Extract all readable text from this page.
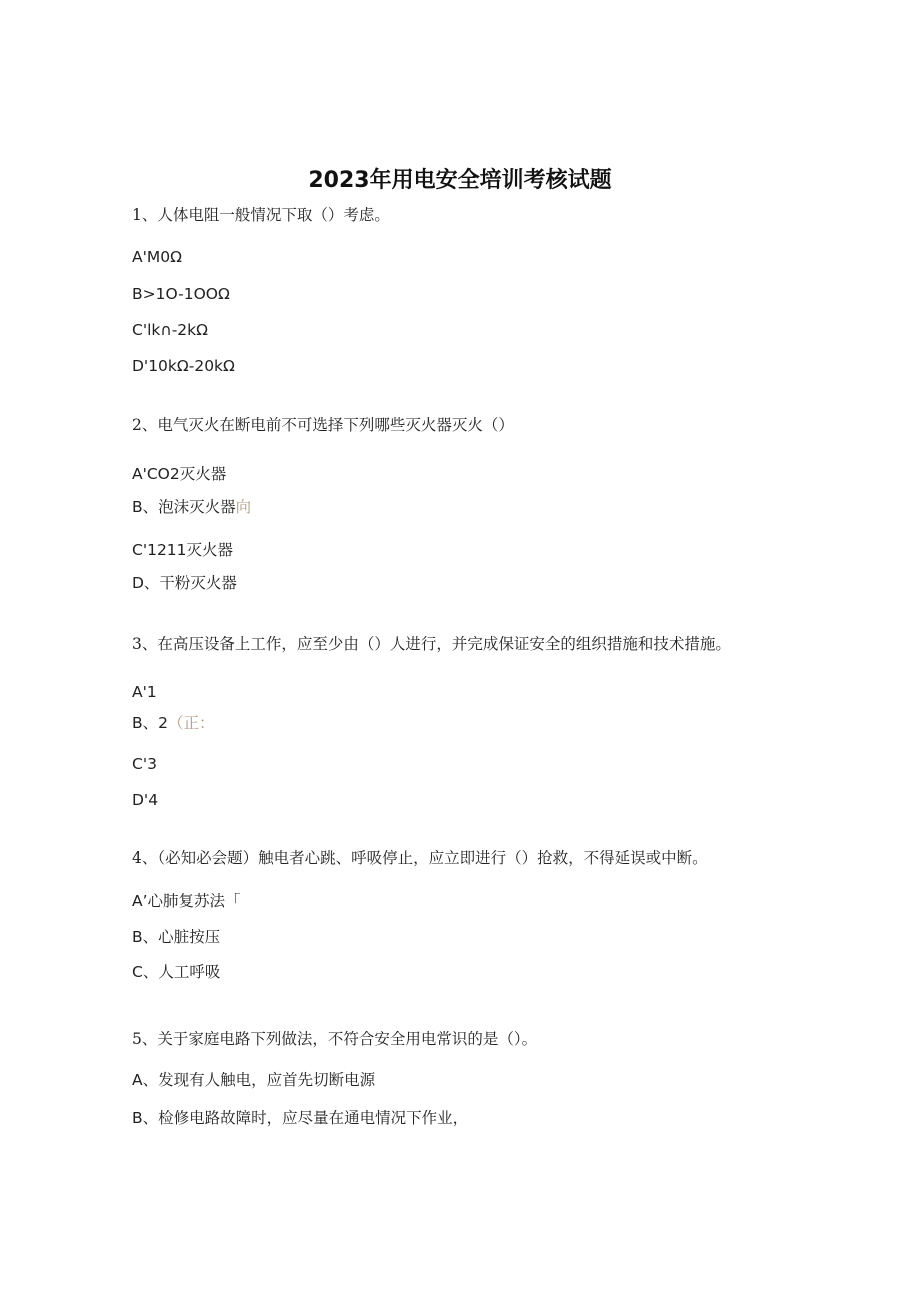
2023年用电安全培训考核试题
1、人体电阻一般情况下取（）考虑。
A'M0Ω
B>1O-1OOΩ
C'lk∩-2kΩ
D'10kΩ-20kΩ
2、电气灭火在断电前不可选择下列哪些灭火器灭火（）
A'CO2灭火器
B、泡沫灭火器向
C'1211灭火器
D、干粉灭火器
3、在高压设备上工作，应至少由（）人进行，并完成保证安全的组织措施和技术措施。
A'1
B、2（正：
C'3
D'4
4、（必知必会题）触电者心跳、呼吸停止，应立即进行（）抢救，不得延误或中断。
A’心肺复苏法「
B、心脏按压
C、人工呼吸
5、关于家庭电路下列做法，不符合安全用电常识的是（）。
A、发现有人触电，应首先切断电源
B、检修电路故障时，应尽量在通电情况下作业，
